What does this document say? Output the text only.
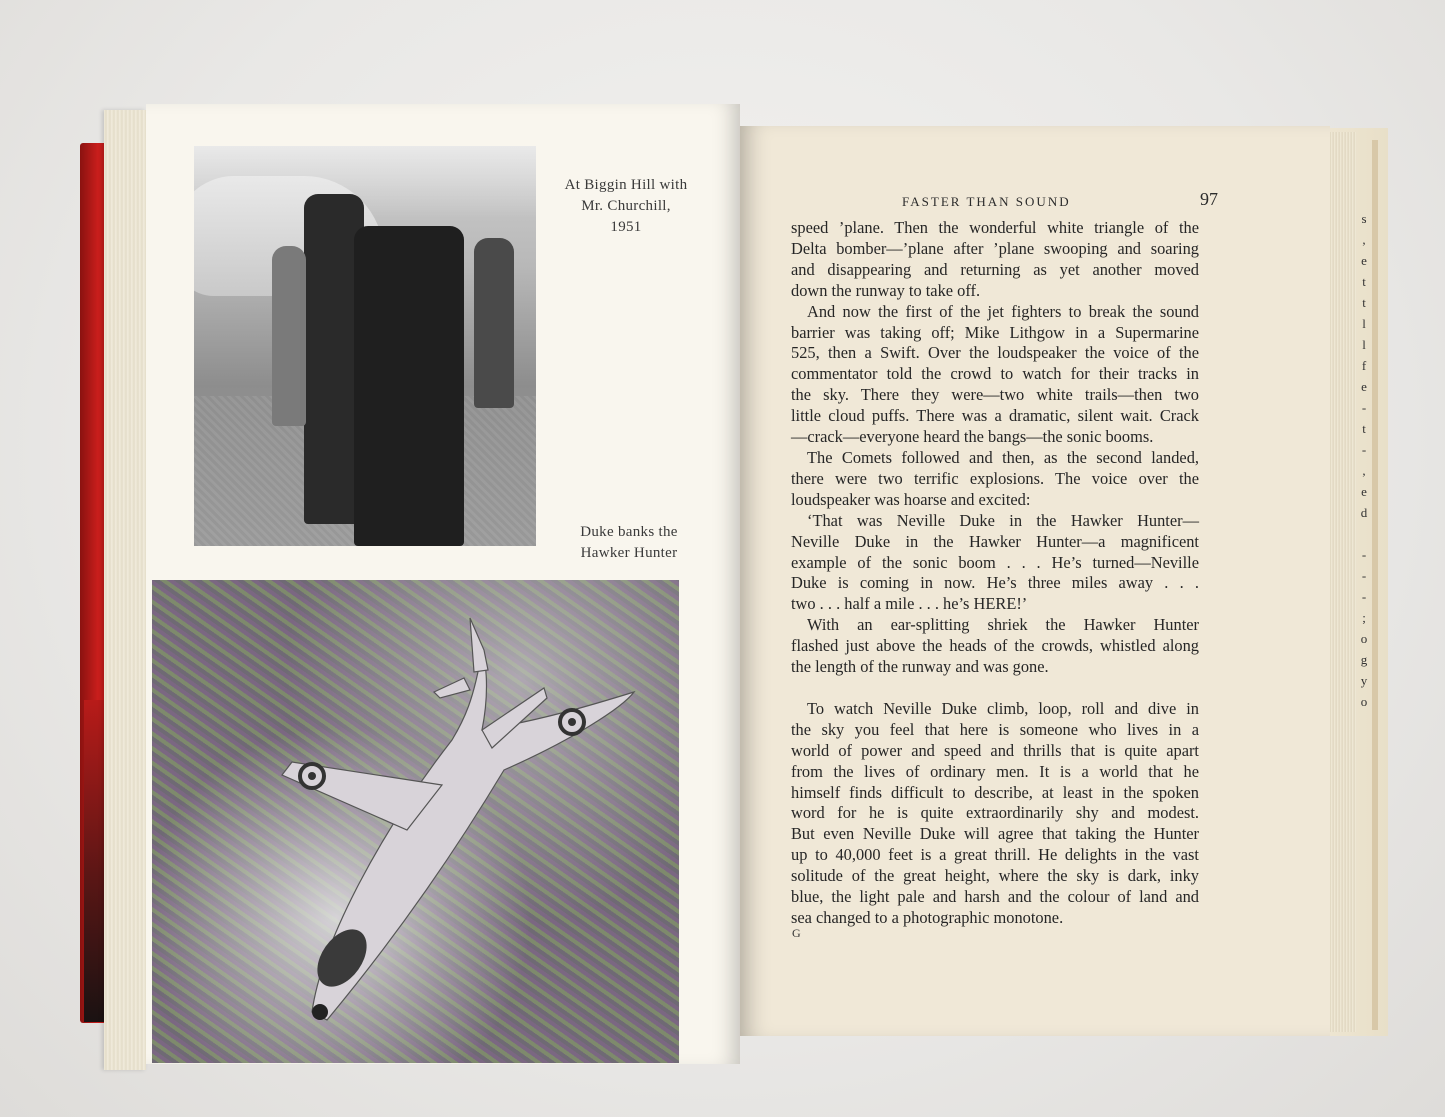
s
,
e
t
t
l
l
f
e
-
t
-
,
e
d

-
-
-
;
o
g
y
o
At Biggin Hill with
Mr. Churchill,
1951
Duke banks the
Hawker Hunter
FASTER THAN SOUND	97

speed ’plane. Then the wonderful white triangle of the

Delta bomber—’plane after ’plane swooping and soaring

and disappearing and returning as yet another moved

down the runway to take off.

And now the first of the jet fighters to break the sound

barrier was taking off; Mike Lithgow in a Supermarine

525, then a Swift. Over the loudspeaker the voice of the

commentator told the crowd to watch for their tracks in

the sky. There they were—two white trails—then two

little cloud puffs. There was a dramatic, silent wait. Crack

—crack—everyone heard the bangs—the sonic booms.

The Comets followed and then, as the second landed,

there were two terrific explosions. The voice over the

loudspeaker was hoarse and excited:

‘That was Neville Duke in the Hawker Hunter—

Neville Duke in the Hawker Hunter—a magnificent

example of the sonic boom . . . He’s turned—Neville

Duke is coming in now. He’s three miles away . . .

two . . . half a mile . . . he’s HERE!’

With an ear-splitting shriek the Hawker Hunter

flashed just above the heads of the crowds, whistled along

the length of the runway and was gone.

To watch Neville Duke climb, loop, roll and dive in

the sky you feel that here is someone who lives in a

world of power and speed and thrills that is quite apart

from the lives of ordinary men. It is a world that he

himself finds difficult to describe, at least in the spoken

word for he is quite extraordinarily shy and modest.

But even Neville Duke will agree that taking the Hunter

up to 40,000 feet is a great thrill. He delights in the vast

solitude of the great height, where the sky is dark, inky

blue, the light pale and harsh and the colour of land and

sea changed to a photographic monotone.

G
